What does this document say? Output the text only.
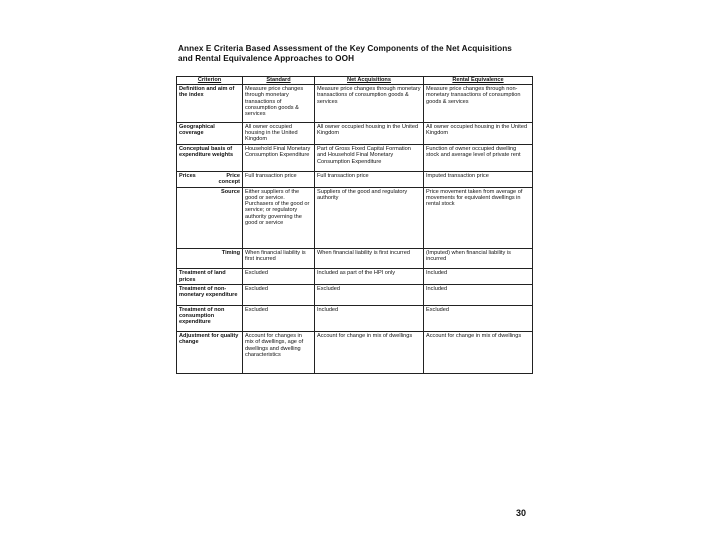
Annex E Criteria Based Assessment of the Key Components of the Net Acquisitions and Rental Equivalence Approaches to OOH
Criterion	Standard	Net Acquisitions	Rental Equivalence
Definition and aim of the index	Measure price changes through monetary transactions of consumption goods & services	Measure price changes through monetary transactions of consumption goods & services	Measure price changes through non-monetary transactions of consumption goods & services
Geographical coverage	All owner occupied housing in the United Kingdom	All owner occupied housing in the United Kingdom	All owner occupied housing in the United Kingdom
Conceptual basis of expenditure weights	Household Final Monetary Consumption Expenditure	Part of Gross Fixed Capital Formation and Household Final Monetary Consumption Expenditure	Function of owner occupied dwelling stock and average level of private rent

Prices Price concept	Full transaction price	Full transaction price	Imputed transaction price

Source	Either suppliers of the good or service. Purchasers of the good or service; or regulatory authority governing the good or service	Suppliers of the good and regulatory authority	Price movement taken from average of movements for equivalent dwellings in rental stock

Timing	When financial liability is first incurred	When financial liability is first incurred	(Imputed) when financial liability is incurred
Treatment of land prices	Excluded	Included as part of the HPI only	Included
Treatment of non-monetary expenditure	Excluded	Excluded	Included
Treatment of non consumption expenditure	Excluded	Included	Excluded
Adjustment for quality change	Account for changes in mix of dwellings, age of dwellings and dwelling characteristics	Account for change in mix of dwellings	Account for change in mix of dwellings
30
